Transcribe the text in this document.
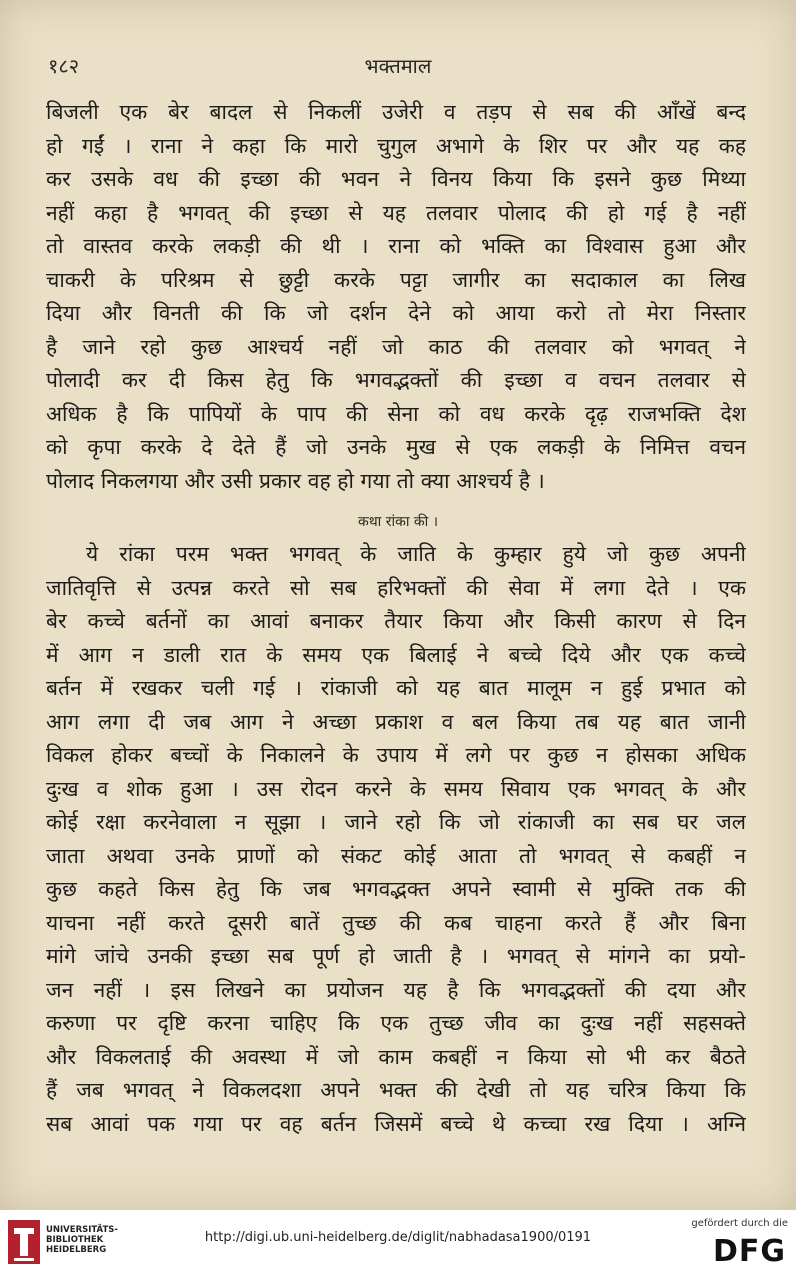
१८२	भक्तमाल
बिजली एक बेर बादल से निकलीं उजेरी व तड़प से सब की आँखें बन्द
हो गईं । राना ने कहा कि मारो चुगुल अभागे के शिर पर और यह कह
कर उसके वध की इच्छा की भवन ने विनय किया कि इसने कुछ मिथ्या
नहीं कहा है भगवत् की इच्छा से यह तलवार पोलाद की हो गई है नहीं
तो वास्तव करके लकड़ी की थी । राना को भक्ति का विश्वास हुआ और
चाकरी के परिश्रम से छुट्टी करके पट्टा जागीर का सदाकाल का लिख
दिया और विनती की कि जो दर्शन देने को आया करो तो मेरा निस्तार
है जाने रहो कुछ आश्चर्य नहीं जो काठ की तलवार को भगवत् ने
पोलादी कर दी किस हेतु कि भगवद्भक्तों की इच्छा व वचन तलवार से
अधिक है कि पापियों के पाप की सेना को वध करके दृढ़ राजभक्ति देश
को कृपा करके दे देते हैं जो उनके मुख से एक लकड़ी के निमित्त वचन
पोलाद निकलगया और उसी प्रकार वह हो गया तो क्या आश्चर्य है ।
कथा रांका की ।
ये रांका परम भक्त भगवत् के जाति के कुम्हार हुये जो कुछ अपनी
जातिवृत्ति से उत्पन्न करते सो सब हरिभक्तों की सेवा में लगा देते । एक
बेर कच्चे बर्तनों का आवां बनाकर तैयार किया और किसी कारण से दिन
में आग न डाली रात के समय एक बिलाई ने बच्चे दिये और एक कच्चे
बर्तन में रखकर चली गई । रांकाजी को यह बात मालूम न हुई प्रभात को
आग लगा दी जब आग ने अच्छा प्रकाश व बल किया तब यह बात जानी
विकल होकर बच्चों के निकालने के उपाय में लगे पर कुछ न होसका अधिक
दुःख व शोक हुआ । उस रोदन करने के समय सिवाय एक भगवत् के और
कोई रक्षा करनेवाला न सूझा । जाने रहो कि जो रांकाजी का सब घर जल
जाता अथवा उनके प्राणों को संकट कोई आता तो भगवत् से कबहीं न
कुछ कहते किस हेतु कि जब भगवद्भक्त अपने स्वामी से मुक्ति तक की
याचना नहीं करते दूसरी बातें तुच्छ की कब चाहना करते हैं और बिना
मांगे जांचे उनकी इच्छा सब पूर्ण हो जाती है । भगवत् से मांगने का प्रयो-
जन नहीं । इस लिखने का प्रयोजन यह है कि भगवद्भक्तों की दया और
करुणा पर दृष्टि करना चाहिए कि एक तुच्छ जीव का दुःख नहीं सहसक्ते
और विकलताई की अवस्था में जो काम कबहीं न किया सो भी कर बैठते
हैं जब भगवत् ने विकलदशा अपने भक्त की देखी तो यह चरित्र किया कि
सब आवां पक गया पर वह बर्तन जिसमें बच्चे थे कच्चा रख दिया । अग्नि
UNIVERSITÄTS-
BIBLIOTHEK
HEIDELBERG
http://digi.ub.uni-heidelberg.de/diglit/nabhadasa1900/0191
gefördert durch die
DFG
